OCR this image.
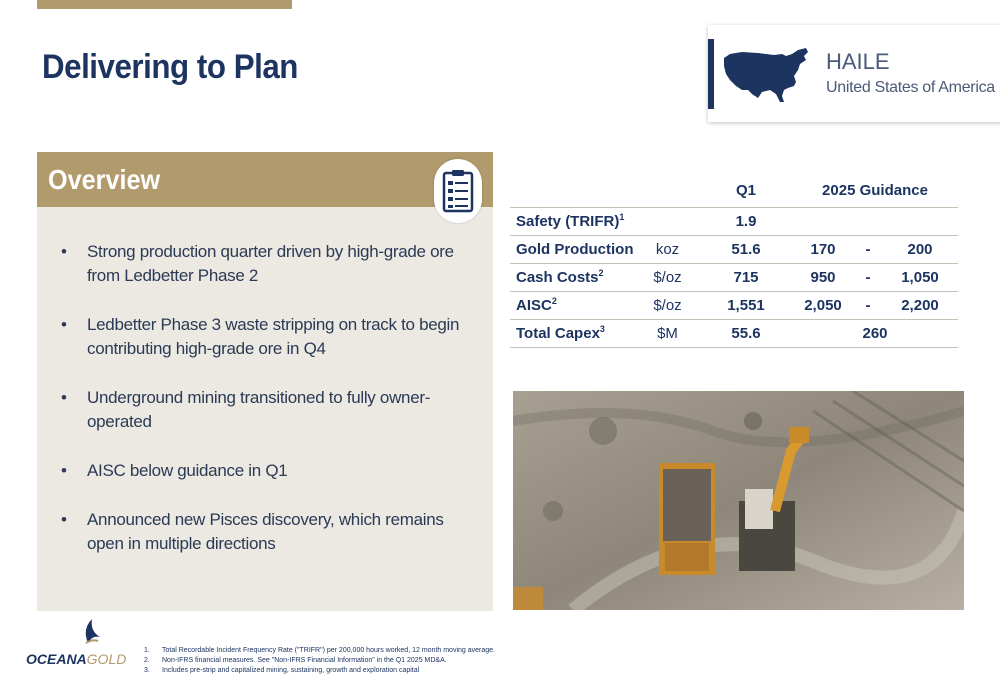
Delivering to Plan	HAILE
United States of America
Overview
• Strong production quarter driven by high-grade ore from Ledbetter Phase 2
• Ledbetter Phase 3 waste stripping on track to begin contributing high-grade ore in Q4
• Underground mining transitioned to fully owner-operated
• AISC below guidance in Q1
• Announced new Pisces discovery, which remains open in multiple directions
		Q1	2025 Guidance		
Safety (TRIFR)$^1$		1.9			
Gold Production	koz	51.6	170	-	200
Cash Costs$^2$	$/oz	715	950	-	1,050
AISC$^2$	$/oz	1,551	2,050	-	2,200
Total Capex$^3$	$M	55.6	260		
OCEANAGOLD
1.	Total Recordable Incident Frequency Rate ("TRIFR") per 200,000 hours worked, 12 month moving average.
2.	Non-IFRS financial measures. See "Non-IFRS Financial Information" in the Q1 2025 MD&A.
3.	Includes pre-strip and capitalized mining, sustaining, growth and exploration capital
